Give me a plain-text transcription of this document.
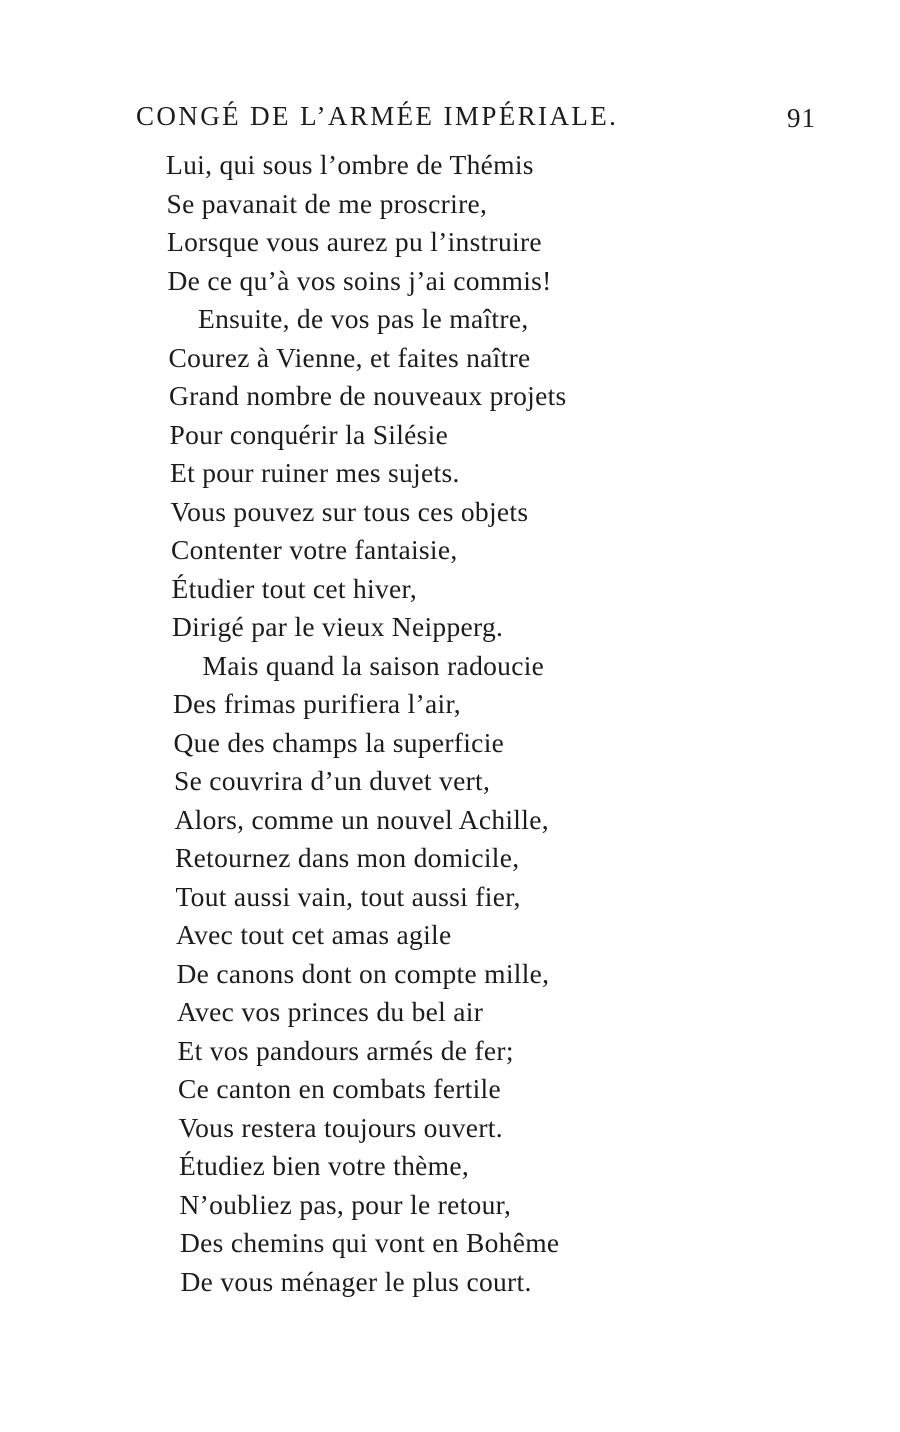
CONGÉ DE L’ARMÉE IMPÉRIALE.	91
Lui, qui sous l’ombre de Thémis
Se pavanait de me proscrire,
Lorsque vous aurez pu l’instruire
De ce qu’à vos soins j’ai commis!
Ensuite, de vos pas le maître,
Courez à Vienne, et faites naître
Grand nombre de nouveaux projets
Pour conquérir la Silésie
Et pour ruiner mes sujets.
Vous pouvez sur tous ces objets
Contenter votre fantaisie,
Étudier tout cet hiver,
Dirigé par le vieux Neipperg.
Mais quand la saison radoucie
Des frimas purifiera l’air,
Que des champs la superficie
Se couvrira d’un duvet vert,
Alors, comme un nouvel Achille,
Retournez dans mon domicile,
Tout aussi vain, tout aussi fier,
Avec tout cet amas agile
De canons dont on compte mille,
Avec vos princes du bel air
Et vos pandours armés de fer;
Ce canton en combats fertile
Vous restera toujours ouvert.
Étudiez bien votre thème,
N’oubliez pas, pour le retour,
Des chemins qui vont en Bohême
De vous ménager le plus court.
